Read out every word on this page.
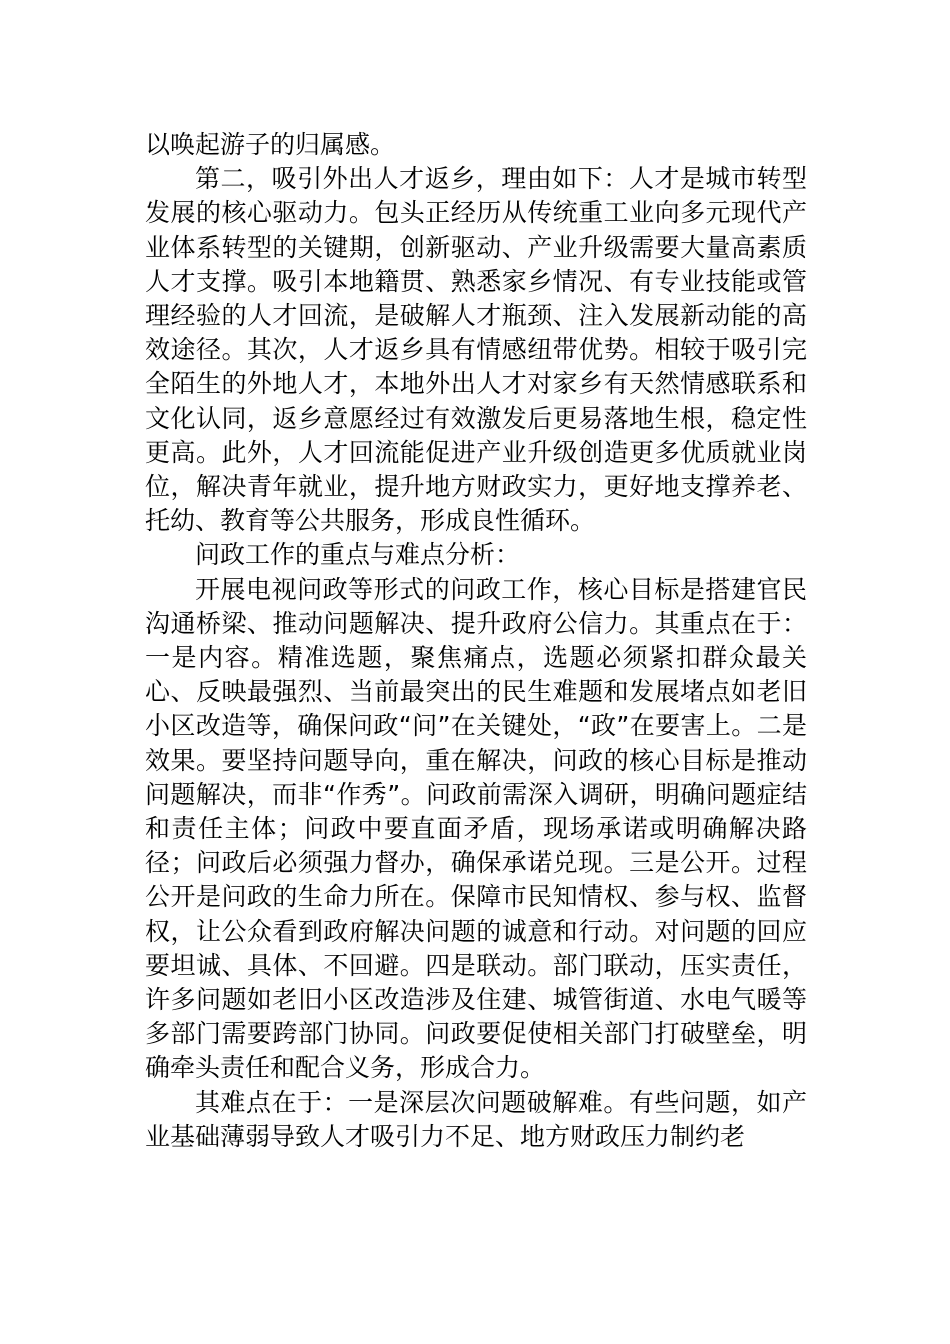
以唤起游子的归属感。

第二，吸引外出人才返乡，理由如下：人才是城市转型发展的核心驱动力。包头正经历从传统重工业向多元现代产业体系转型的关键期，创新驱动、产业升级需要大量高素质人才支撑。吸引本地籍贯、熟悉家乡情况、有专业技能或管理经验的人才回流，是破解人才瓶颈、注入发展新动能的高效途径。其次，人才返乡具有情感纽带优势。相较于吸引完全陌生的外地人才，本地外出人才对家乡有天然情感联系和文化认同，返乡意愿经过有效激发后更易落地生根，稳定性更高。此外，人才回流能促进产业升级创造更多优质就业岗位，解决青年就业，提升地方财政实力，更好地支撑养老、托幼、教育等公共服务，形成良性循环。

问政工作的重点与难点分析：

开展电视问政等形式的问政工作，核心目标是搭建官民沟通桥梁、推动问题解决、提升政府公信力。其重点在于：一是内容。精准选题，聚焦痛点，选题必须紧扣群众最关心、反映最强烈、当前最突出的民生难题和发展堵点如老旧小区改造等，确保问政“问”在关键处，“政”在要害上。二是效果。要坚持问题导向，重在解决，问政的核心目标是推动问题解决，而非“作秀”。问政前需深入调研，明确问题症结和责任主体；问政中要直面矛盾，现场承诺或明确解决路径；问政后必须强力督办，确保承诺兑现。三是公开。过程公开是问政的生命力所在。保障市民知情权、参与权、监督权，让公众看到政府解决问题的诚意和行动。对问题的回应要坦诚、具体、不回避。四是联动。部门联动，压实责任，许多问题如老旧小区改造涉及住建、城管街道、水电气暖等多部门需要跨部门协同。问政要促使相关部门打破壁垒，明确牵头责任和配合义务，形成合力。

其难点在于：一是深层次问题破解难。有些问题，如产业基础薄弱导致人才吸引力不足、地方财政压力制约老
